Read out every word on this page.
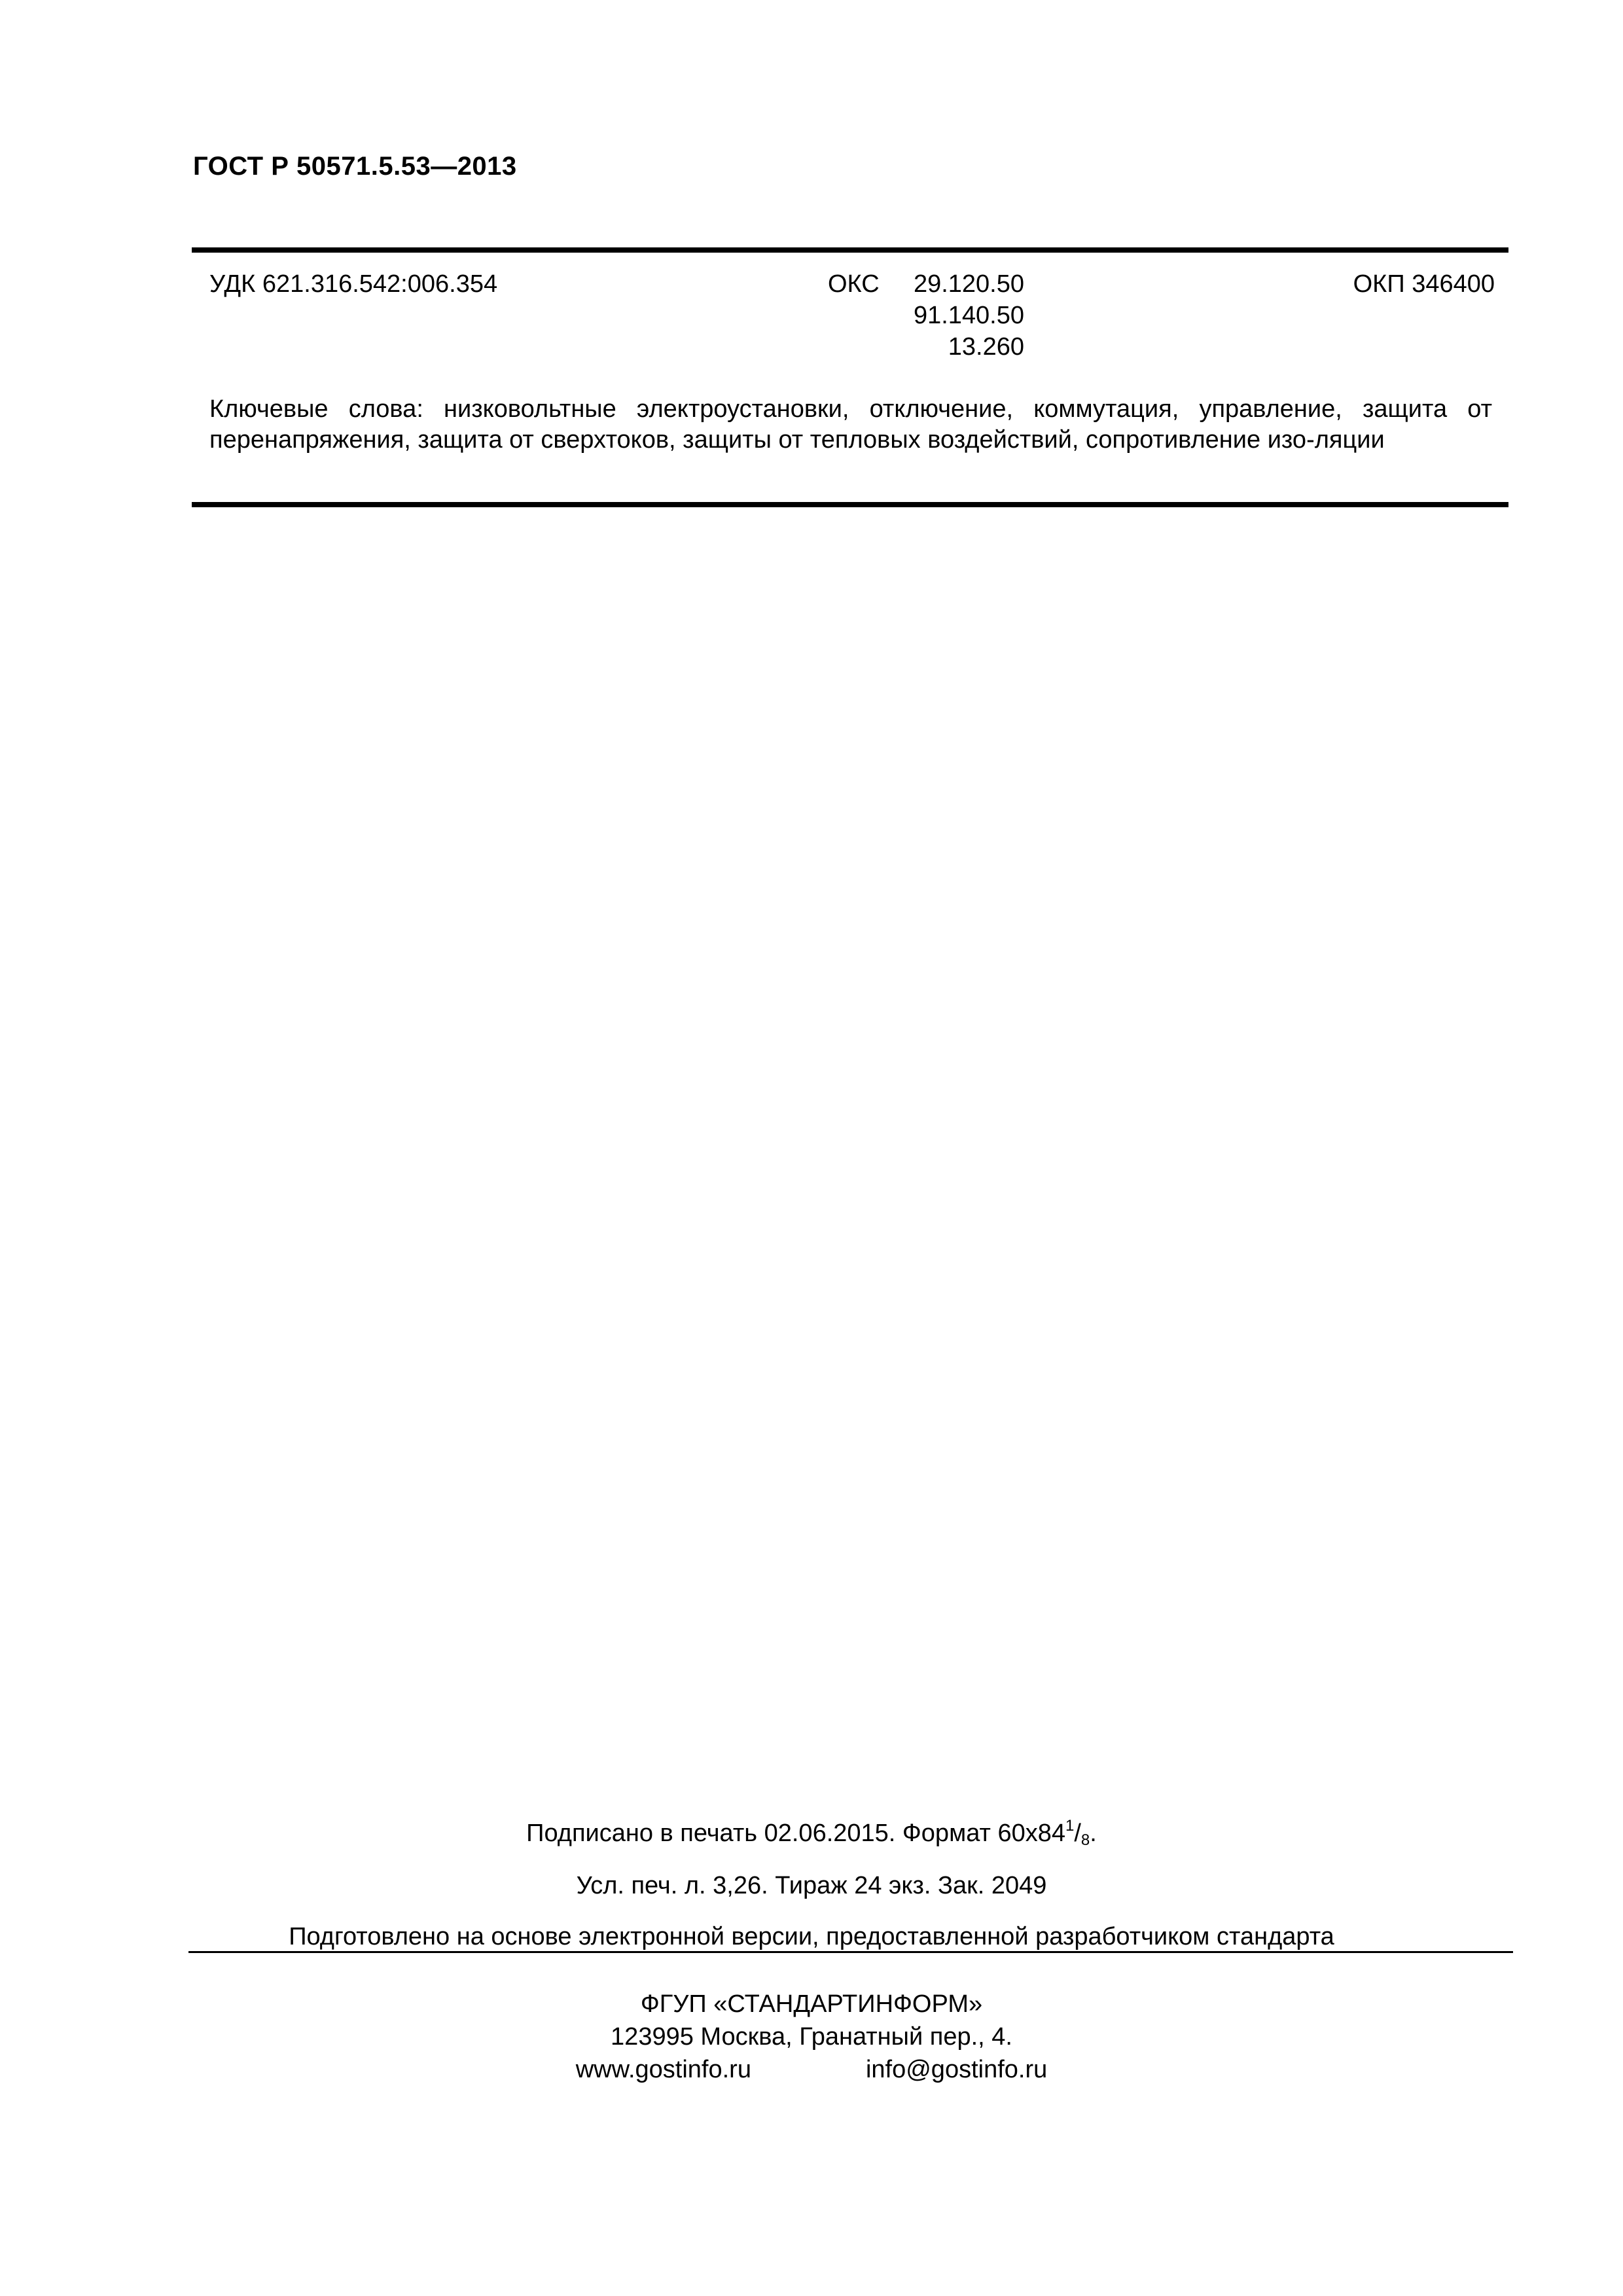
ГОСТ Р 50571.5.53—2013
УДК 621.316.542:006.354	ОКС 29.120.50
91.140.50
13.260
ОКП 346400
Ключевые слова: низковольтные электроустановки, отключение, коммутация, управление, защита от перенапряжения, защита от сверхтоков, защиты от тепловых воздействий, сопротивление изо-ляции
Подписано в печать 02.06.2015. Формат $60x84^1/_8$.
Усл. печ. л. 3,26. Тираж 24 экз. Зак. 2049
Подготовлено на основе электронной версии, предоставленной разработчиком стандарта
ФГУП «СТАНДАРТИНФОРМ»
123995 Москва, Гранатный пер., 4.
www.gostinfo.ru	info@gostinfo.ru
